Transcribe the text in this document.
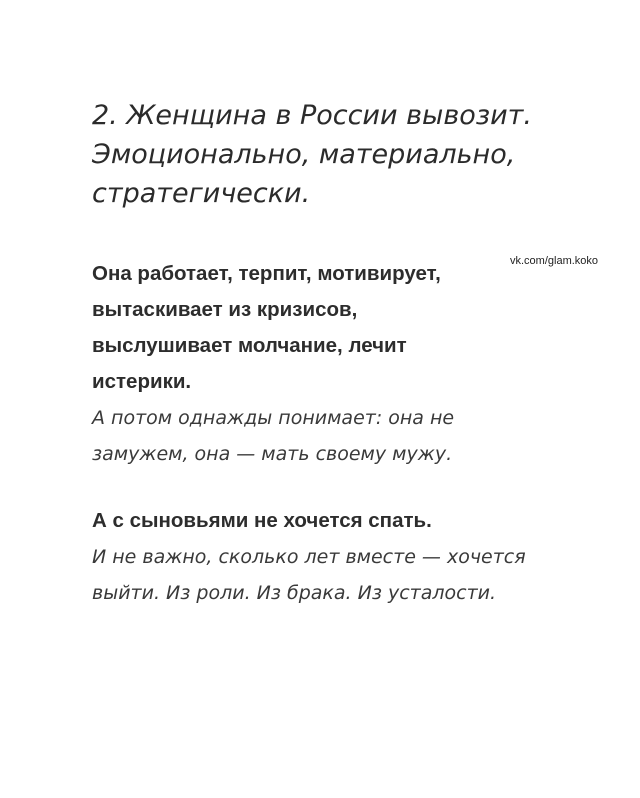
2. Женщина в России вывозит.
Эмоционально, материально,
стратегически.
vk.com/glam.koko
Она работает, терпит, мотивирует,
вытаскивает из кризисов,
выслушивает молчание, лечит
истерики.
А потом однажды понимает: она не
замужем, она — мать своему мужу.
А с сыновьями не хочется спать.
И не важно, сколько лет вместе — хочется
выйти. Из роли. Из брака. Из усталости.
